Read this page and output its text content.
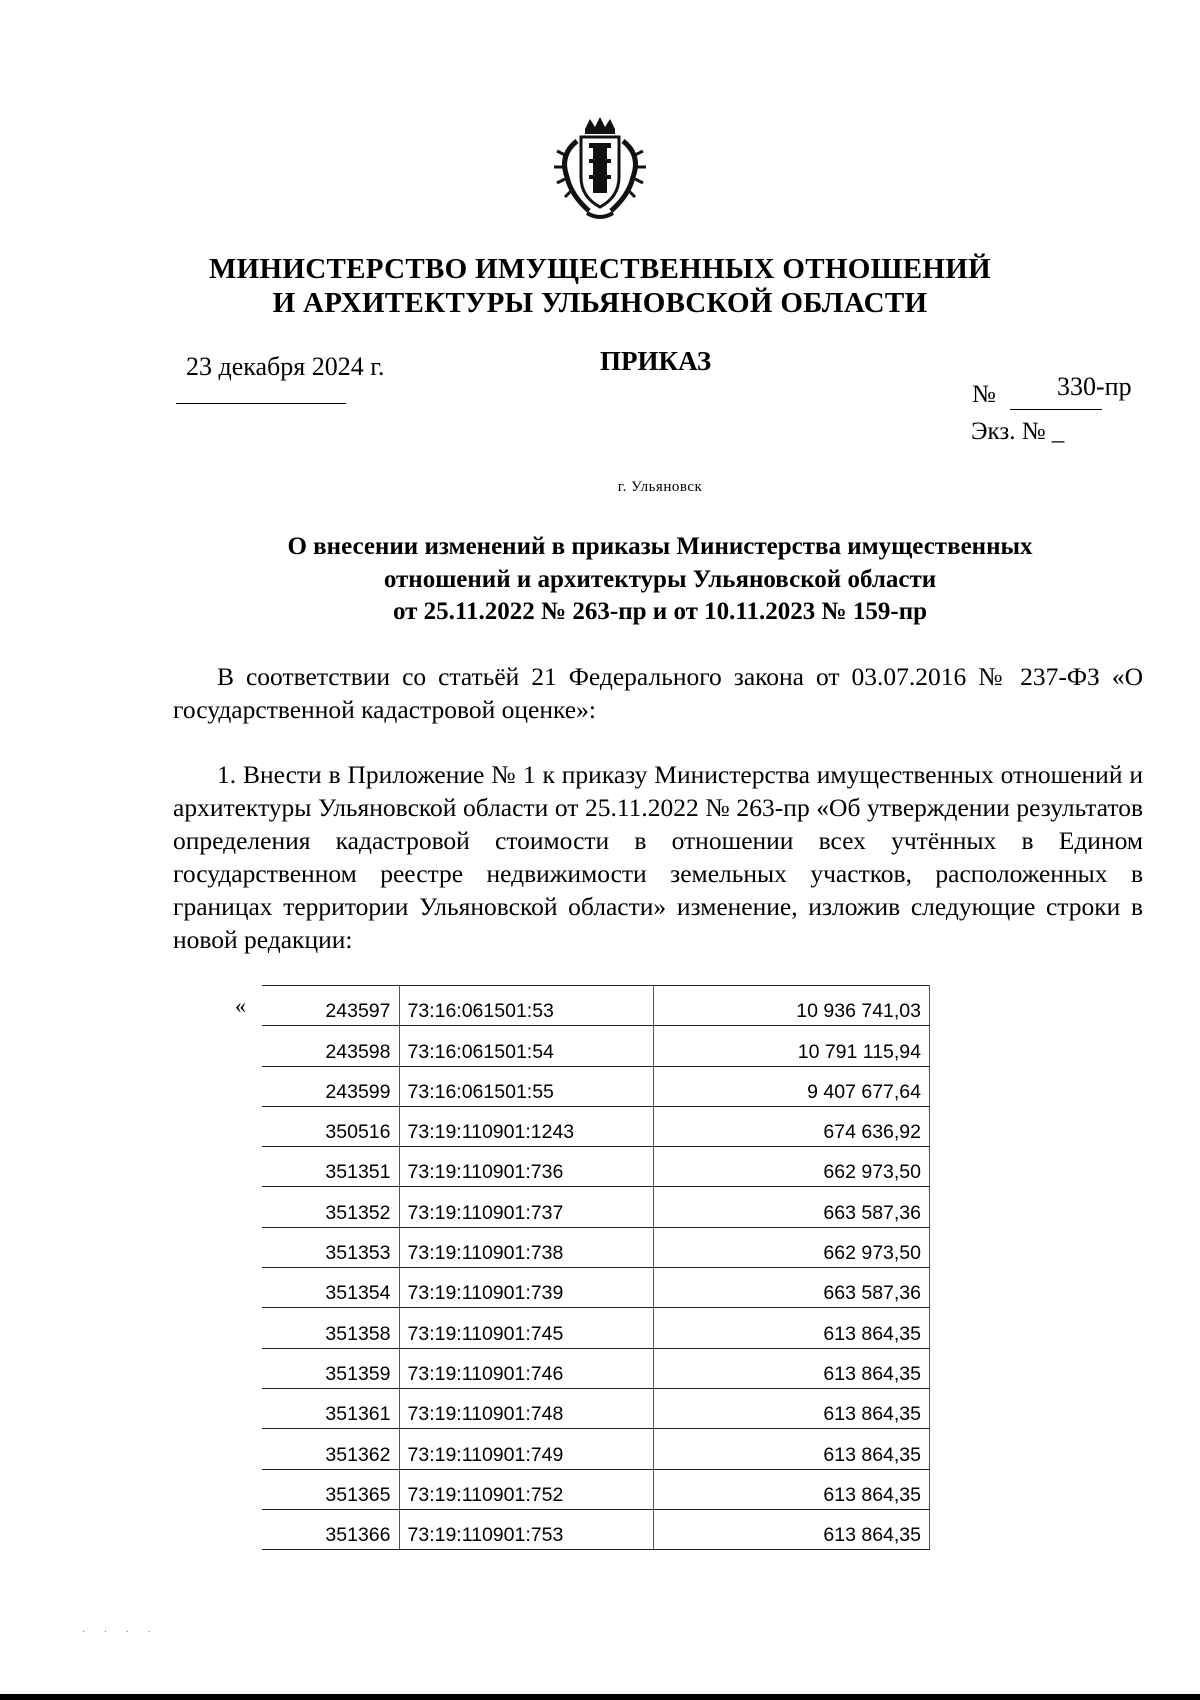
МИНИСТЕРСТВО ИМУЩЕСТВЕННЫХ ОТНОШЕНИЙ
И АРХИТЕКТУРЫ УЛЬЯНОВСКОЙ ОБЛАСТИ
23 декабря 2024 г.	ПРИКАЗ
№ 330-пр
Экз. № _
г. Ульяновск
О внесении изменений в приказы Министерства имущественных
отношений и архитектуры Ульяновской области
от 25.11.2022 № 263-пр и от 10.11.2023 № 159-пр
В соответствии со статьёй 21 Федерального закона от 03.07.2016 № 237-ФЗ «О государственной кадастровой оценке»:
1. Внести в Приложение № 1 к приказу Министерства имущественных отношений и архитектуры Ульяновской области от 25.11.2022 № 263-пр «Об утверждении результатов определения кадастровой стоимости в отношении всех учтённых в Едином государственном реестре недвижимости земельных участков, расположенных в границах территории Ульяновской области» изменение, изложив следующие строки в новой редакции:
«	243597	73:16:061501:53	10 936 741,03
243598	73:16:061501:54	10 791 115,94
243599	73:16:061501:55	9 407 677,64
350516	73:19:110901:1243	674 636,92
351351	73:19:110901:736	662 973,50
351352	73:19:110901:737	663 587,36
351353	73:19:110901:738	662 973,50
351354	73:19:110901:739	663 587,36
351358	73:19:110901:745	613 864,35
351359	73:19:110901:746	613 864,35
351361	73:19:110901:748	613 864,35
351362	73:19:110901:749	613 864,35
351365	73:19:110901:752	613 864,35
351366	73:19:110901:753	613 864,35
· · · ·
